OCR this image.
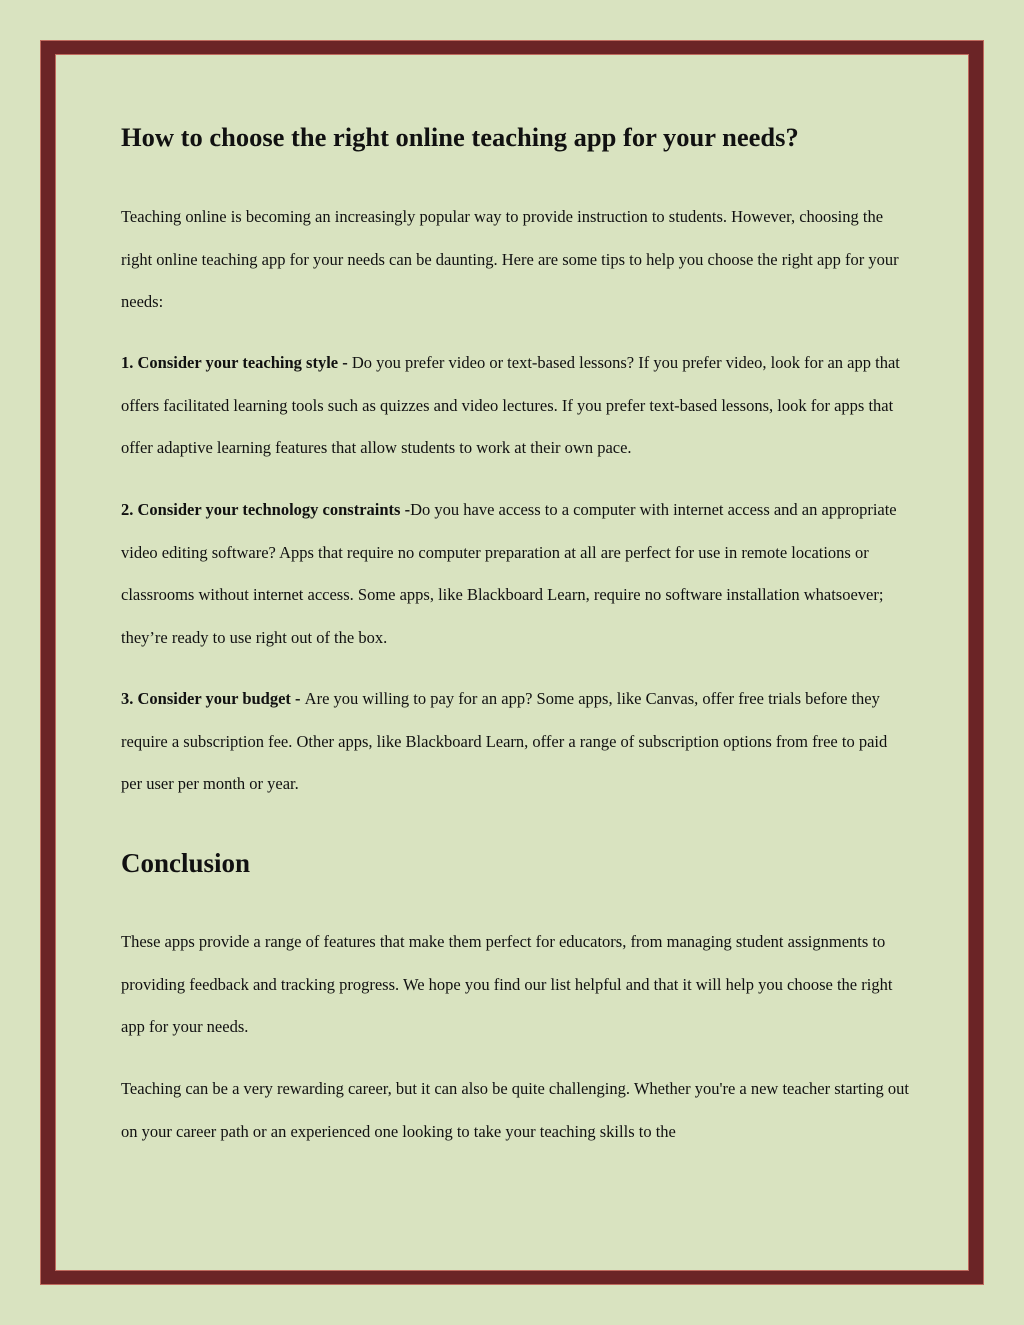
How to choose the right online teaching app for your needs?

Teaching online is becoming an increasingly popular way to provide instruction to students. However, choosing the right online teaching app for your needs can be daunting. Here are some tips to help you choose the right app for your needs:

1. Consider your teaching style - Do you prefer video or text-based lessons? If you prefer video, look for an app that offers facilitated learning tools such as quizzes and video lectures. If you prefer text-based lessons, look for apps that offer adaptive learning features that allow students to work at their own pace.

2. Consider your technology constraints -Do you have access to a computer with internet access and an appropriate video editing software? Apps that require no computer preparation at all are perfect for use in remote locations or classrooms without internet access. Some apps, like Blackboard Learn, require no software installation whatsoever; they’re ready to use right out of the box.

3. Consider your budget - Are you willing to pay for an app? Some apps, like Canvas, offer free trials before they require a subscription fee. Other apps, like Blackboard Learn, offer a range of subscription options from free to paid per user per month or year.

Conclusion

These apps provide a range of features that make them perfect for educators, from managing student assignments to providing feedback and tracking progress. We hope you find our list helpful and that it will help you choose the right app for your needs.

Teaching can be a very rewarding career, but it can also be quite challenging. Whether you're a new teacher starting out on your career path or an experienced one looking to take your teaching skills to the
